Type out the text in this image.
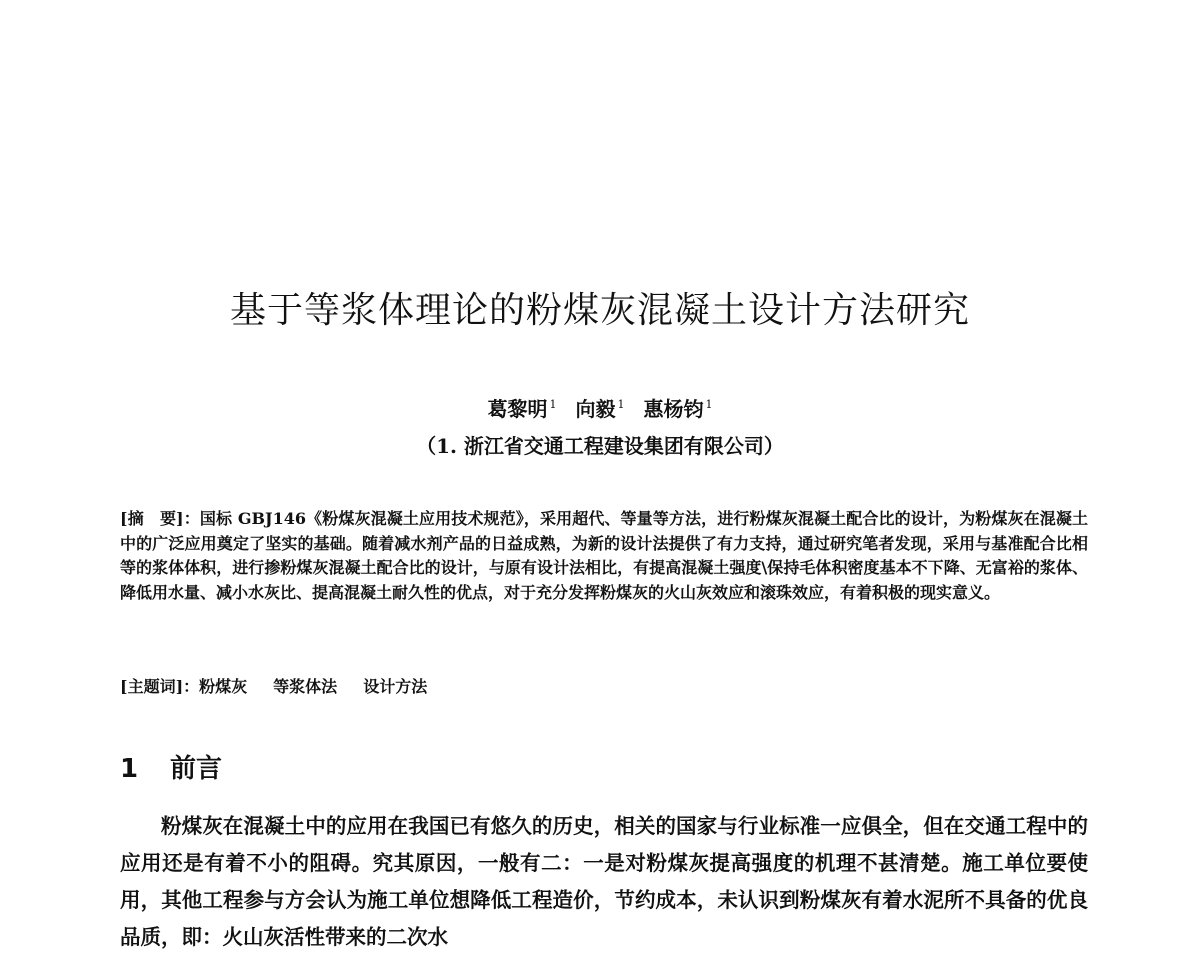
基于等浆体理论的粉煤灰混凝土设计方法研究
葛黎明 $^1$ 向毅 $^1$ 惠杨钧 $^1$
（1. 浙江省交通工程建设集团有限公司）

[摘　要]：国标 GBJ146《粉煤灰混凝土应用技术规范》，采用超代、等量等方法，进行粉煤灰混凝土配合比的设计，为粉煤灰在混凝土中的广泛应用奠定了坚实的基础。随着减水剂产品的日益成熟，为新的设计法提供了有力支持，通过研究笔者发现，采用与基准配合比相等的浆体体积，进行掺粉煤灰混凝土配合比的设计，与原有设计法相比，有提高混凝土强度\保持毛体积密度基本不下降、无富裕的浆体、降低用水量、减小水灰比、提高混凝土耐久性的优点，对于充分发挥粉煤灰的火山灰效应和滚珠效应，有着积极的现实意义。

[主题词]：粉煤灰 等浆体法 设计方法

1 前言

粉煤灰在混凝土中的应用在我国已有悠久的历史，相关的国家与行业标准一应俱全，但在交通工程中的应用还是有着不小的阻碍。究其原因，一般有二：一是对粉煤灰提高强度的机理不甚清楚。施工单位要使用，其他工程参与方会认为施工单位想降低工程造价，节约成本，未认识到粉煤灰有着水泥所不具备的优良品质，即：火山灰活性带来的二次水
